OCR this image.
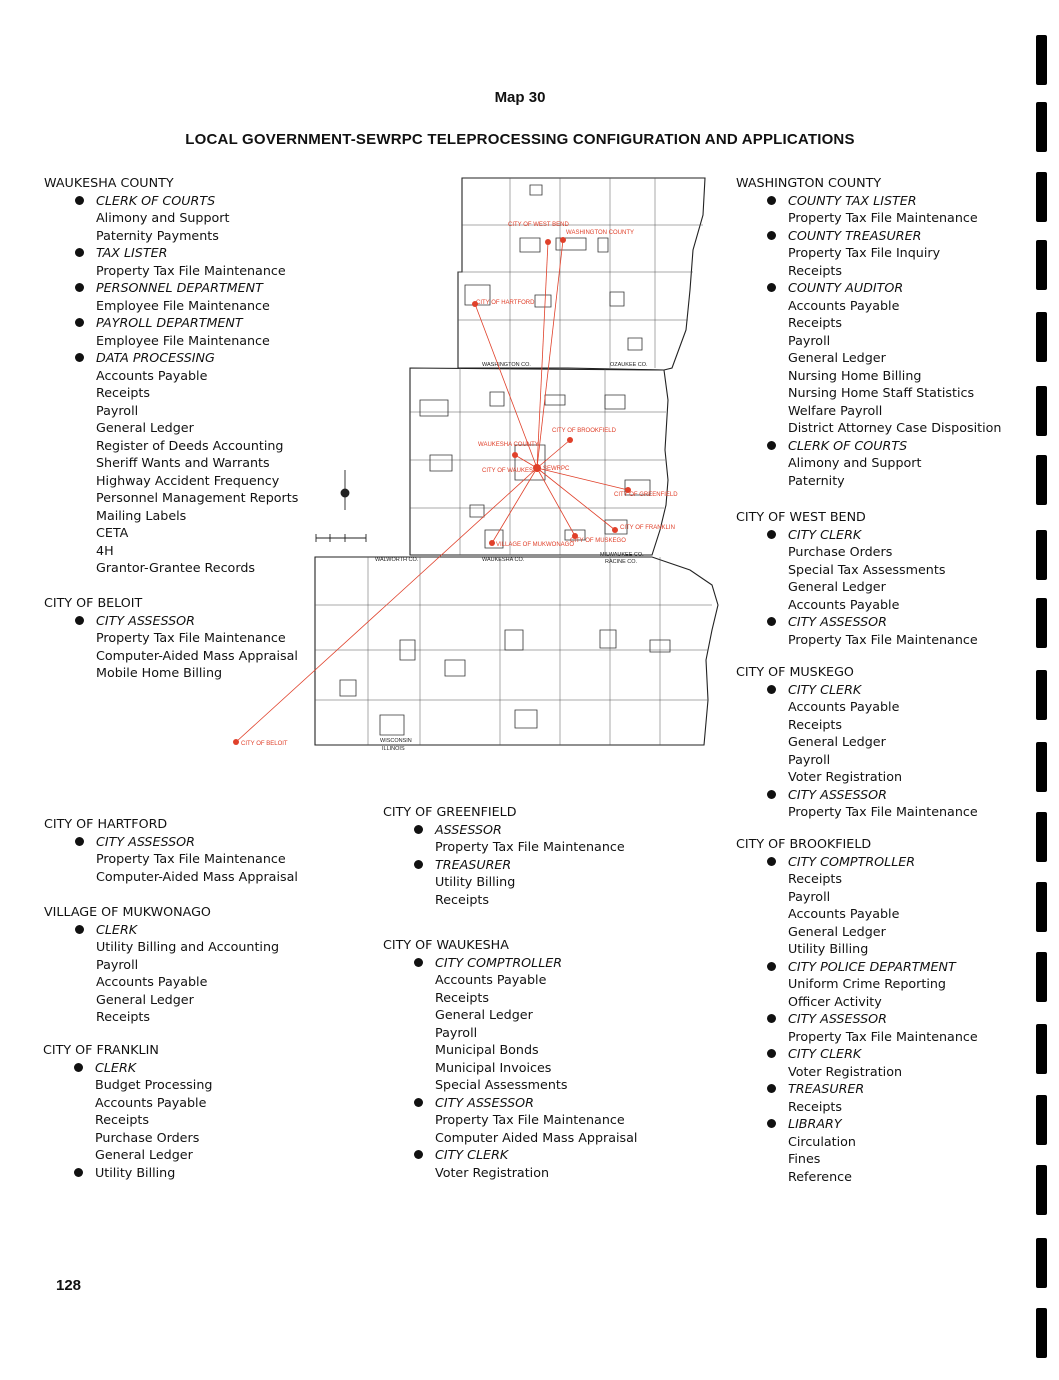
Map 30
LOCAL GOVERNMENT-SEWRPC TELEPROCESSING CONFIGURATION AND APPLICATIONS
WAUKESHA COUNTY
CLERK OF COURTS
Alimony and Support
Paternity Payments
TAX LISTER
Property Tax File Maintenance
PERSONNEL DEPARTMENT
Employee File Maintenance
PAYROLL DEPARTMENT
Employee File Maintenance
DATA PROCESSING
Accounts Payable
Receipts
Payroll
General Ledger
Register of Deeds Accounting
Sheriff Wants and Warrants
Highway Accident Frequency
Personnel Management Reports
Mailing Labels
CETA
4H
Grantor-Grantee Records
CITY OF BELOIT
CITY ASSESSOR
Property Tax File Maintenance
Computer-Aided Mass Appraisal
Mobile Home Billing
CITY OF HARTFORD
CITY ASSESSOR
Property Tax File Maintenance
Computer-Aided Mass Appraisal
VILLAGE OF MUKWONAGO
CLERK
Utility Billing and Accounting
Payroll
Accounts Payable
General Ledger
Receipts
CITY OF FRANKLIN
CLERK
Budget Processing
Accounts Payable
Receipts
Purchase Orders
General Ledger
Utility Billing
CITY OF GREENFIELD
ASSESSOR
Property Tax File Maintenance
TREASURER
Utility Billing
Receipts
CITY OF WAUKESHA
CITY COMPTROLLER
Accounts Payable
Receipts
General Ledger
Payroll
Municipal Bonds
Municipal Invoices
Special Assessments
CITY ASSESSOR
Property Tax File Maintenance
Computer Aided Mass Appraisal
CITY CLERK
Voter Registration
WASHINGTON COUNTY
COUNTY TAX LISTER
Property Tax File Maintenance
COUNTY TREASURER
Property Tax File Inquiry
Receipts
COUNTY AUDITOR
Accounts Payable
Receipts
Payroll
General Ledger
Nursing Home Billing
Nursing Home Staff Statistics
Welfare Payroll
District Attorney Case Disposition
CLERK OF COURTS
Alimony and Support
Paternity
CITY OF WEST BEND
CITY CLERK
Purchase Orders
Special Tax Assessments
General Ledger
Accounts Payable
CITY ASSESSOR
Property Tax File Maintenance
CITY OF MUSKEGO
CITY CLERK
Accounts Payable
Receipts
General Ledger
Payroll
Voter Registration
CITY ASSESSOR
Property Tax File Maintenance
CITY OF BROOKFIELD
CITY COMPTROLLER
Receipts
Payroll
Accounts Payable
General Ledger
Utility Billing
CITY POLICE DEPARTMENT
Uniform Crime Reporting
Officer Activity
CITY ASSESSOR
Property Tax File Maintenance
CITY CLERK
Voter Registration
TREASURER
Receipts
LIBRARY
Circulation
Fines
Reference
WASHINGTON CO.	OZAUKEE CO.
WAUKESHA CO.
MILWAUKEE CO.
RACINE CO.
WALWORTH CO.
WISCONSIN
ILLINOIS
CITY OF WEST BEND
WASHINGTON COUNTY
CITY OF HARTFORD
CITY OF BROOKFIELD
WAUKESHA COUNTY
SEWRPC
CITY OF WAUKESHA
CITY OF GREENFIELD
CITY OF FRANKLIN
CITY OF MUSKEGO
VILLAGE OF MUKWONAGO
CITY OF BELOIT
128
